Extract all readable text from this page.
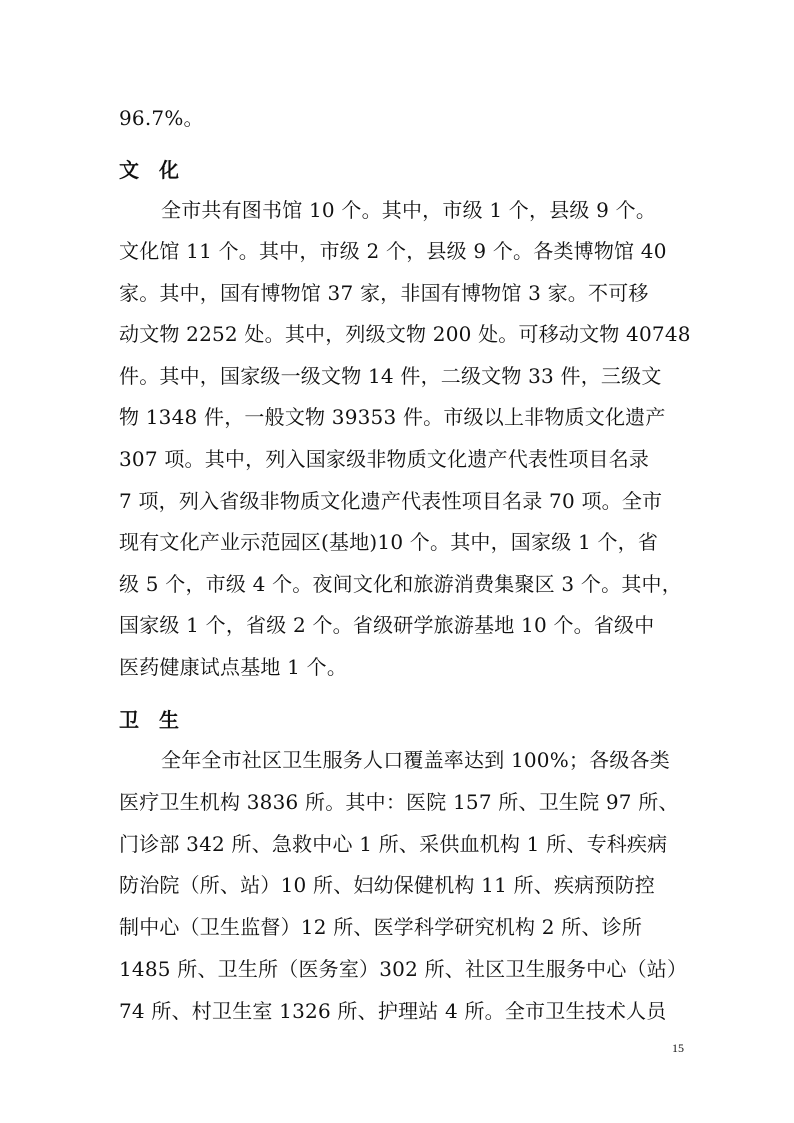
96.7%。
文化
全市共有图书馆 10 个。其中，市级 1 个，县级 9 个。
文化馆 11 个。其中，市级 2 个，县级 9 个。各类博物馆 40
家。其中，国有博物馆 37 家，非国有博物馆 3 家。不可移
动文物 2252 处。其中，列级文物 200 处。可移动文物 40748
件。其中，国家级一级文物 14 件，二级文物 33 件，三级文
物 1348 件，一般文物 39353 件。市级以上非物质文化遗产
307 项。其中，列入国家级非物质文化遗产代表性项目名录
7 项，列入省级非物质文化遗产代表性项目名录 70 项。全市
现有文化产业示范园区(基地)10 个。其中，国家级 1 个，省
级 5 个，市级 4 个。夜间文化和旅游消费集聚区 3 个。其中，
国家级 1 个，省级 2 个。省级研学旅游基地 10 个。省级中
医药健康试点基地 1 个。
卫生
全年全市社区卫生服务人口覆盖率达到 100%；各级各类
医疗卫生机构 3836 所。其中：医院 157 所、卫生院 97 所、
门诊部 342 所、急救中心 1 所、采供血机构 1 所、专科疾病
防治院（所、站）10 所、妇幼保健机构 11 所、疾病预防控
制中心（卫生监督）12 所、医学科学研究机构 2 所、诊所
1485 所、卫生所（医务室）302 所、社区卫生服务中心（站）
74 所、村卫生室 1326 所、护理站 4 所。全市卫生技术人员
15
